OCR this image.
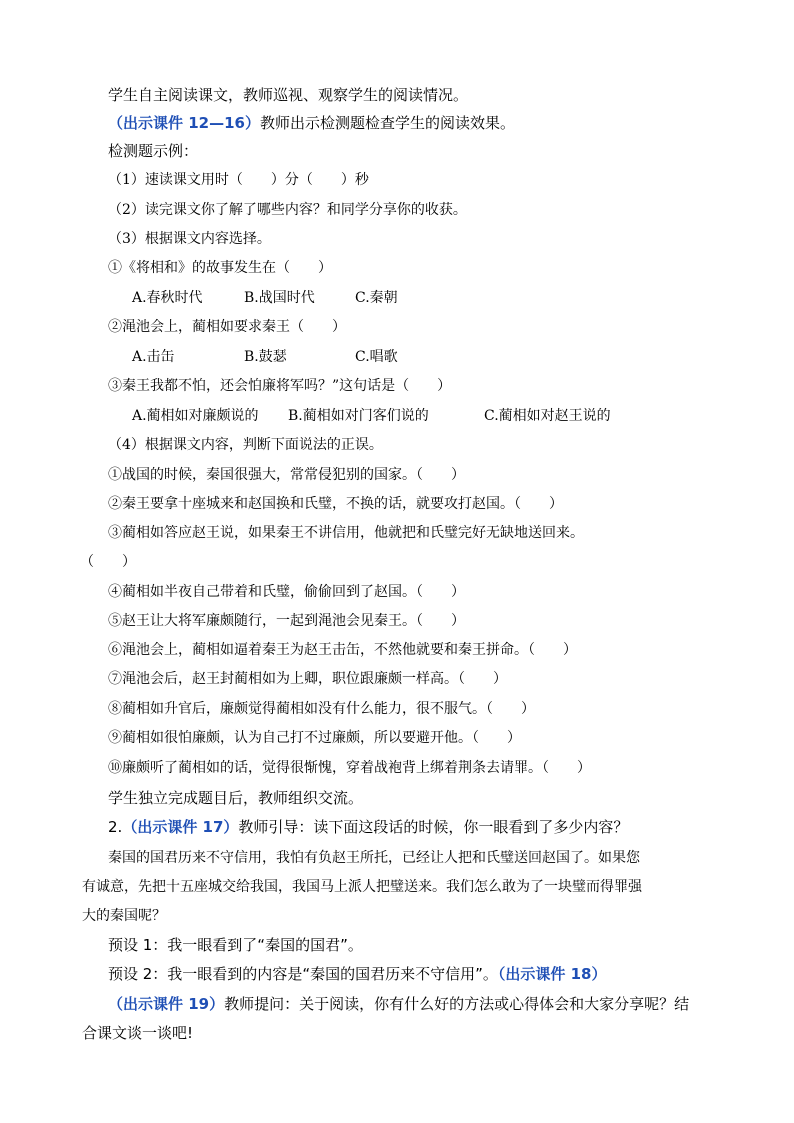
学生自主阅读课文，教师巡视、观察学生的阅读情况。
（出示课件 12—16）教师出示检测题检查学生的阅读效果。
检测题示例：
（1）速读课文用时（　　）分（　　）秒
（2）读完课文你了解了哪些内容？和同学分享你的收获。
（3）根据课文内容选择。
①《将相和》的故事发生在（　　）
A.春秋时代	B.战国时代	C.秦朝
②渑池会上，蔺相如要求秦王（　　）
A.击缶	B.鼓瑟	C.唱歌
③秦王我都不怕，还会怕廉将军吗？”这句话是（　　）
A.蔺相如对廉颇说的 B.蔺相如对门客们说的	C.蔺相如对赵王说的
（4）根据课文内容，判断下面说法的正误。
①战国的时候，秦国很强大，常常侵犯别的国家。（　　）
②秦王要拿十座城来和赵国换和氏璧，不换的话，就要攻打赵国。（　　）
③蔺相如答应赵王说，如果秦王不讲信用，他就把和氏璧完好无缺地送回来。
（　　）
④蔺相如半夜自己带着和氏璧，偷偷回到了赵国。（　　）
⑤赵王让大将军廉颇随行，一起到渑池会见秦王。（　　）
⑥渑池会上，蔺相如逼着秦王为赵王击缶，不然他就要和秦王拼命。（　　）
⑦渑池会后，赵王封蔺相如为上卿，职位跟廉颇一样高。（　　）
⑧蔺相如升官后，廉颇觉得蔺相如没有什么能力，很不服气。（　　）
⑨蔺相如很怕廉颇，认为自己打不过廉颇，所以要避开他。（　　）
⑩廉颇听了蔺相如的话，觉得很惭愧，穿着战袍背上绑着荆条去请罪。（　　）
学生独立完成题目后，教师组织交流。
2.（出示课件 17）教师引导：读下面这段话的时候，你一眼看到了多少内容？
秦国的国君历来不守信用，我怕有负赵王所托，已经让人把和氏璧送回赵国了。如果您
有诚意，先把十五座城交给我国，我国马上派人把璧送来。我们怎么敢为了一块璧而得罪强
大的秦国呢？
预设 1：我一眼看到了“秦国的国君”。
预设 2：我一眼看到的内容是“秦国的国君历来不守信用”。（出示课件 18）
（出示课件 19）教师提问：关于阅读，你有什么好的方法或心得体会和大家分享呢？结
合课文谈一谈吧!
